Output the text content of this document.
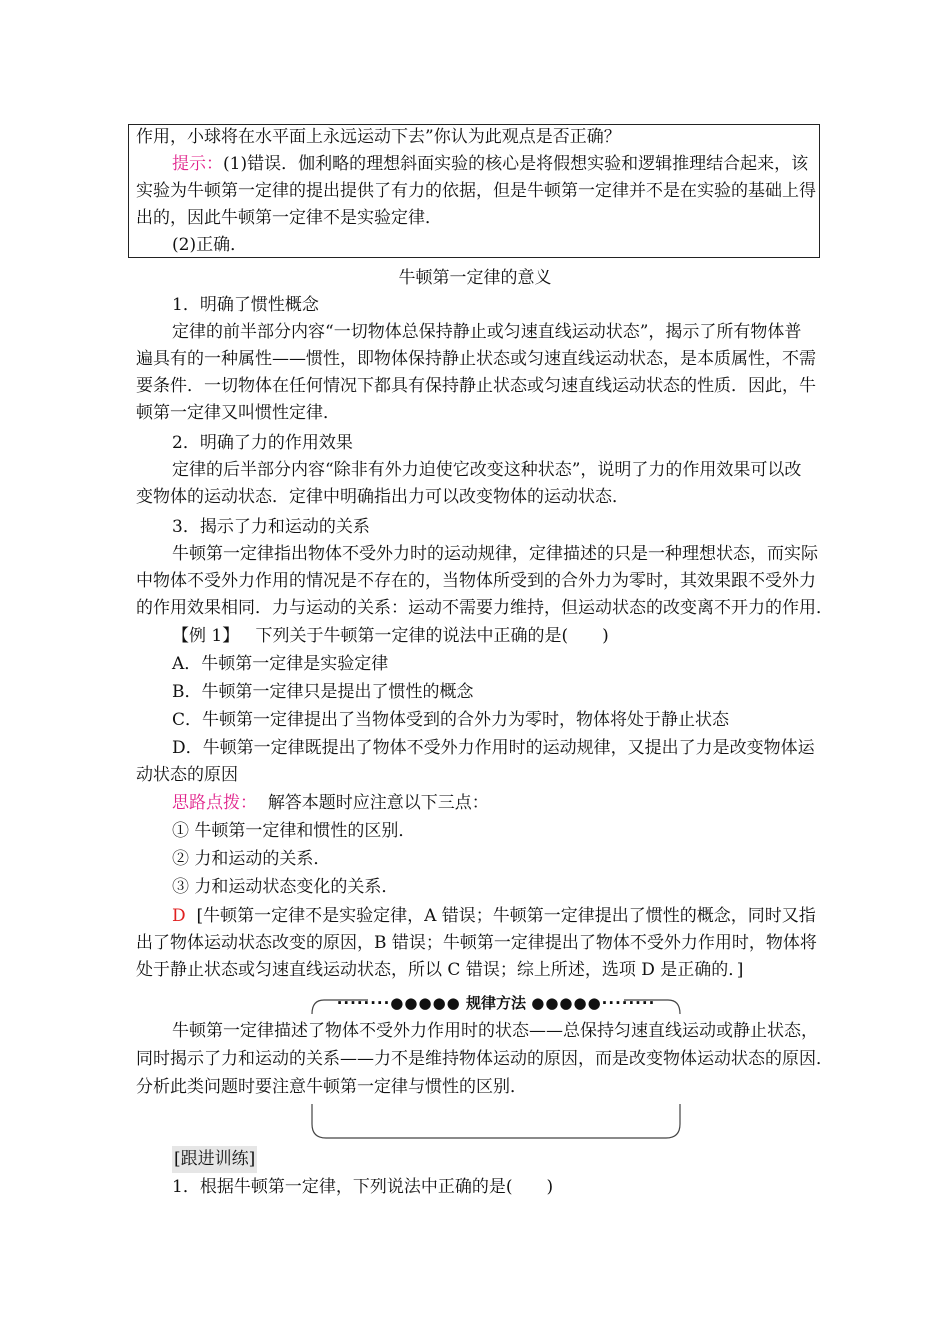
作用，小球将在水平面上永远运动下去”你认为此观点是否正确？

提示：(1)错误．伽利略的理想斜面实验的核心是将假想实验和逻辑推理结合起来，该

实验为牛顿第一定律的提出提供了有力的依据，但是牛顿第一定律并不是在实验的基础上得

出的，因此牛顿第一定律不是实验定律．

(2)正确．

牛顿第一定律的意义

1．明确了惯性概念

定律的前半部分内容“一切物体总保持静止或匀速直线运动状态”，揭示了所有物体普

遍具有的一种属性——惯性，即物体保持静止状态或匀速直线运动状态，是本质属性，不需

要条件．一切物体在任何情况下都具有保持静止状态或匀速直线运动状态的性质．因此，牛

顿第一定律又叫惯性定律．

2．明确了力的作用效果

定律的后半部分内容“除非有外力迫使它改变这种状态”，说明了力的作用效果可以改

变物体的运动状态．定律中明确指出力可以改变物体的运动状态．

3．揭示了力和运动的关系

牛顿第一定律指出物体不受外力时的运动规律，定律描述的只是一种理想状态，而实际

中物体不受外力作用的情况是不存在的，当物体所受到的合外力为零时，其效果跟不受外力

的作用效果相同．力与运动的关系：运动不需要力维持，但运动状态的改变离不开力的作用．

【例 1】 下列关于牛顿第一定律的说法中正确的是(　　)

A．牛顿第一定律是实验定律

B．牛顿第一定律只是提出了惯性的概念

C．牛顿第一定律提出了当物体受到的合外力为零时，物体将处于静止状态

D．牛顿第一定律既提出了物体不受外力作用时的运动规律，又提出了力是改变物体运

动状态的原因

思路点拨： 解答本题时应注意以下三点：

① 牛顿第一定律和惯性的区别．

② 力和运动的关系．

③ 力和运动状态变化的关系．

D [牛顿第一定律不是实验定律，A 错误；牛顿第一定律提出了惯性的概念，同时又指

出了物体运动状态改变的原因，B 错误；牛顿第一定律提出了物体不受外力作用时，物体将

处于静止状态或匀速直线运动状态，所以 C 错误；综上所述，选项 D 是正确的．]

········●●●●● 规律方法 ●●●●●········

牛顿第一定律描述了物体不受外力作用时的状态——总保持匀速直线运动或静止状态，

同时揭示了力和运动的关系——力不是维持物体运动的原因，而是改变物体运动状态的原因．

分析此类问题时要注意牛顿第一定律与惯性的区别．

[跟进训练]

1．根据牛顿第一定律，下列说法中正确的是(　　)
